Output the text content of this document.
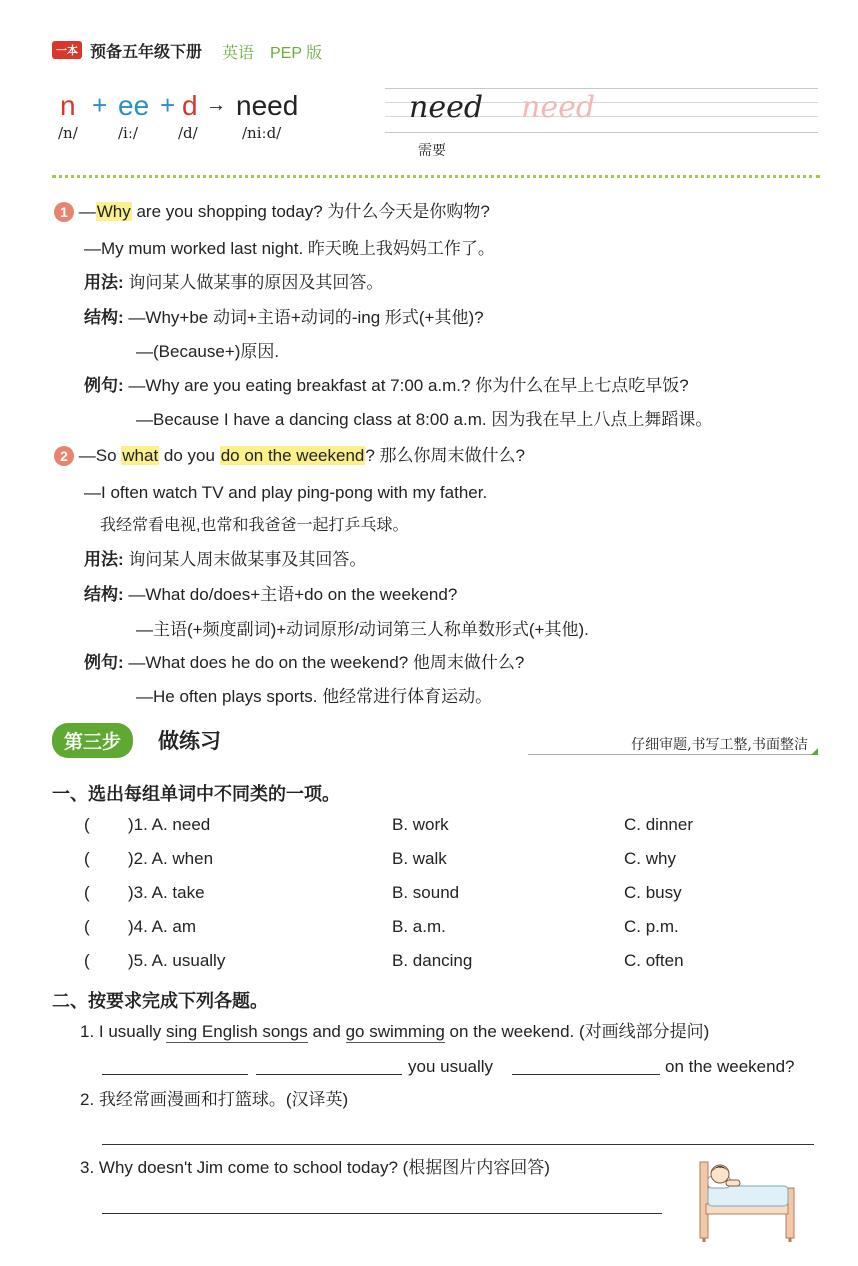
一本 预备五年级下册 英语 PEP 版
n + ee + d → need
/n/	/iː/	/d/	/niːd/
need need
需要
1 —Why are you shopping today? 为什么今天是你购物?
—My mum worked last night. 昨天晚上我妈妈工作了。
用法: 询问某人做某事的原因及其回答。
结构: —Why+be 动词+主语+动词的-ing 形式(+其他)?
—(Because+)原因.
例句: —Why are you eating breakfast at 7:00 a.m.? 你为什么在早上七点吃早饭?
—Because I have a dancing class at 8:00 a.m. 因为我在早上八点上舞蹈课。
2 —So what do you do on the weekend? 那么你周末做什么?
—I often watch TV and play ping-pong with my father.
我经常看电视,也常和我爸爸一起打乒乓球。
用法: 询问某人周末做某事及其回答。
结构: —What do/does+主语+do on the weekend?
—主语(+频度副词)+动词原形/动词第三人称单数形式(+其他).
例句: —What does he do on the weekend? 他周末做什么?
—He often plays sports. 他经常进行体育运动。
第三步	做练习	仔细审题,书写工整,书面整洁
一、选出每组单词中不同类的一项。
( )1. A. need	B. work	C. dinner
( )2. A. when	B. walk	C. why
( )3. A. take	B. sound	C. busy
( )4. A. am	B. a.m.	C. p.m.
( )5. A. usually	B. dancing	C. often
二、按要求完成下列各题。
1. I usually sing English songs and go swimming on the weekend. (对画线部分提问)
you usually	on the weekend?
2. 我经常画漫画和打篮球。(汉译英)
3. Why doesn't Jim come to school today? (根据图片内容回答)
